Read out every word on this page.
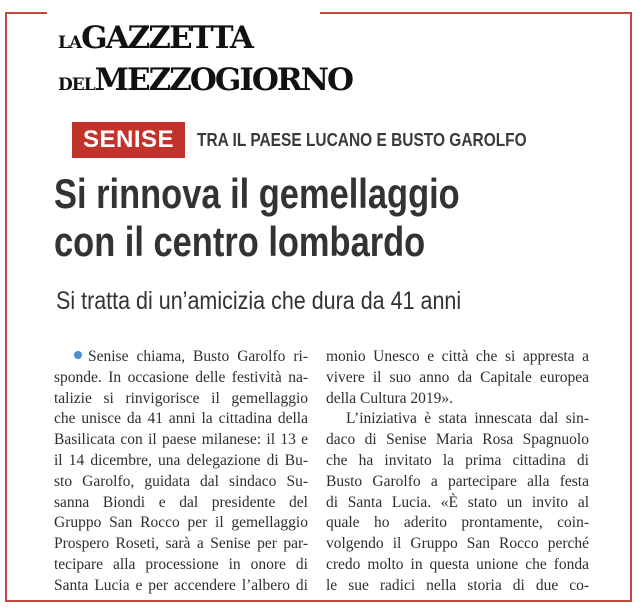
LAGAZZETTA
DELMEZZOGIORNO
SENISE	TRA IL PAESE LUCANO E BUSTO GAROLFO
Si rinnova il gemellaggio
con il centro lombardo
Si tratta di un’amicizia che dura da 41 anni
Senise chiama, Busto Garolfo ri-
sponde. In occasione delle festività na-
talizie si rinvigorisce il gemellaggio
che unisce da 41 anni la cittadina della
Basilicata con il paese milanese: il 13 e
il 14 dicembre, una delegazione di Bu-
sto Garolfo, guidata dal sindaco Su-
sanna Biondi e dal presidente del
Gruppo San Rocco per il gemellaggio
Prospero Roseti, sarà a Senise per par-
tecipare alla processione in onore di
Santa Lucia e per accendere l’albero di
monio Unesco e città che si appresta a
vivere il suo anno da Capitale europea
della Cultura 2019».
L’iniziativa è stata innescata dal sin-
daco di Senise Maria Rosa Spagnuolo
che ha invitato la prima cittadina di
Busto Garolfo a partecipare alla festa
di Santa Lucia. «È stato un invito al
quale ho aderito prontamente, coin-
volgendo il Gruppo San Rocco perché
credo molto in questa unione che fonda
le sue radici nella storia di due co-
